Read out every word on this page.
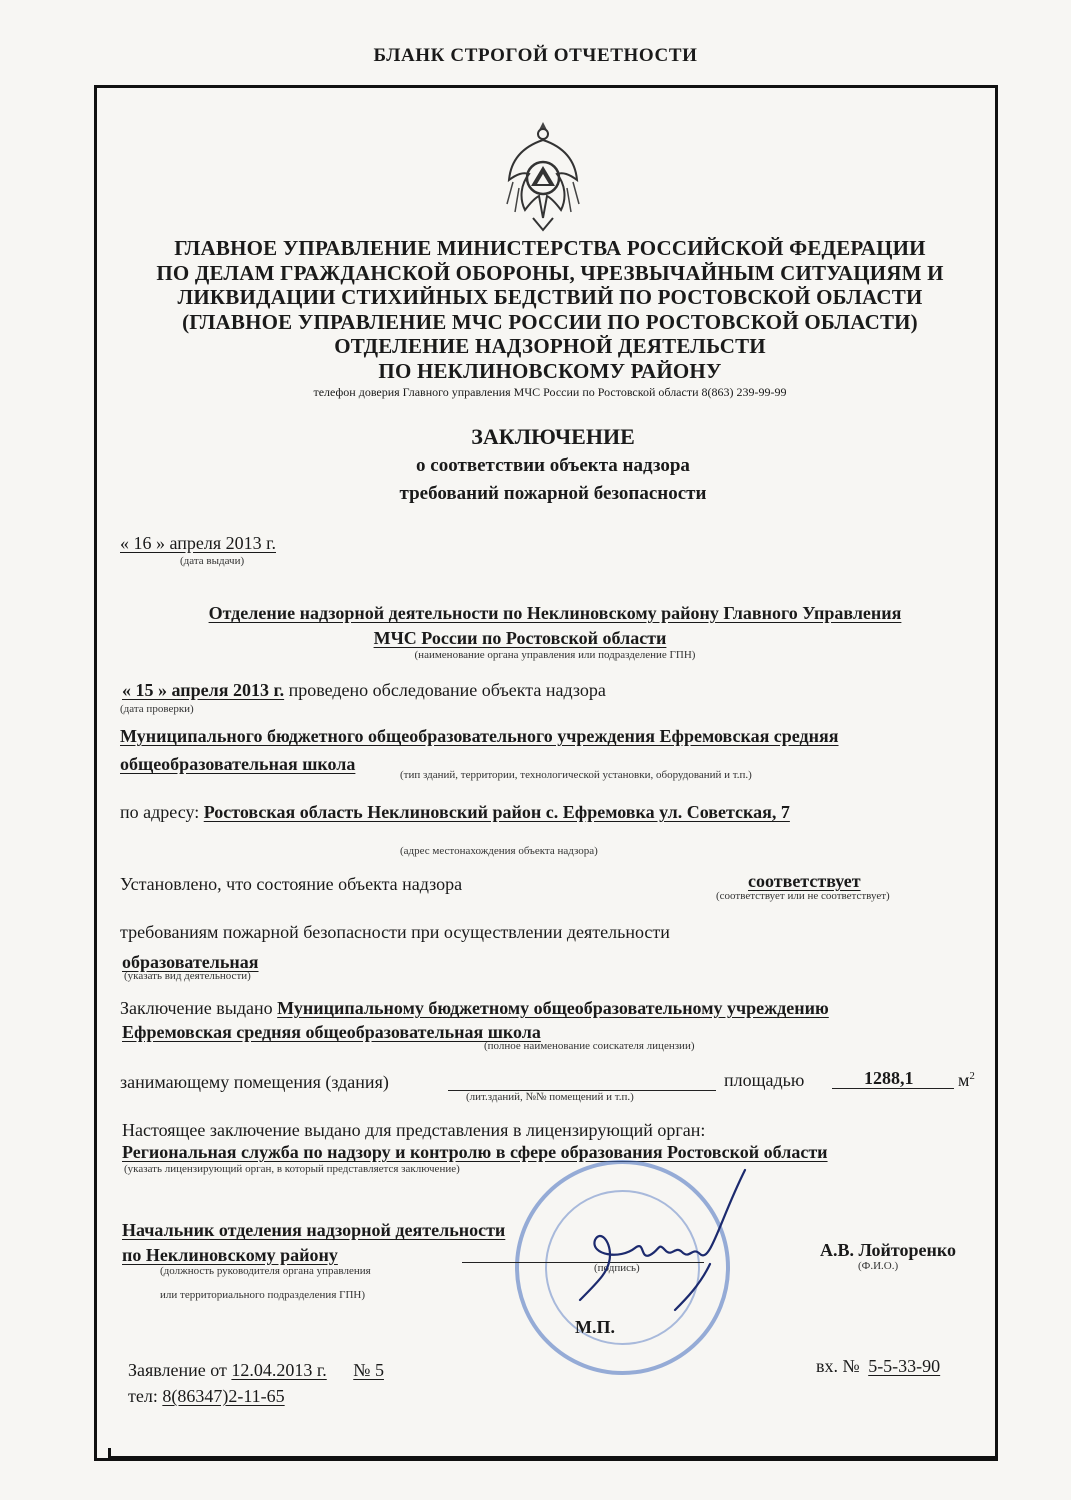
БЛАНК СТРОГОЙ ОТЧЕТНОСТИ
ГЛАВНОЕ УПРАВЛЕНИЕ МИНИСТЕРСТВА РОССИЙСКОЙ ФЕДЕРАЦИИ
ПО ДЕЛАМ ГРАЖДАНСКОЙ ОБОРОНЫ, ЧРЕЗВЫЧАЙНЫМ СИТУАЦИЯМ И
ЛИКВИДАЦИИ СТИХИЙНЫХ БЕДСТВИЙ ПО РОСТОВСКОЙ ОБЛАСТИ
(ГЛАВНОЕ УПРАВЛЕНИЕ МЧС РОССИИ ПО РОСТОВСКОЙ ОБЛАСТИ)
ОТДЕЛЕНИЕ НАДЗОРНОЙ ДЕЯТЕЛЬСТИ
ПО НЕКЛИНОВСКОМУ РАЙОНУ
телефон доверия Главного управления МЧС России по Ростовской области 8(863) 239-99-99
ЗАКЛЮЧЕНИЕ
о соответствии объекта надзора
требований пожарной безопасности
« 16 » апреля 2013 г.
(дата выдачи)
Отделение надзорной деятельности по Неклиновскому району Главного Управления
МЧС России по Ростовской области
(наименование органа управления или подразделение ГПН)
« 15 » апреля 2013 г. проведено обследование объекта надзора
(дата проверки)
Муниципального бюджетного общеобразовательного учреждения Ефремовская средняя
общеобразовательная школа
(тип зданий, территории, технологической установки, оборудований и т.п.)
по адресу: Ростовская область Неклиновский район с. Ефремовка ул. Советская, 7
(адрес местонахождения объекта надзора)
Установлено, что состояние объекта надзора	соответствует
(соответствует или не соответствует)
требованиям пожарной безопасности при осуществлении деятельности
образовательная
(указать вид деятельности)
Заключение выдано Муниципальному бюджетному общеобразовательному учреждению
Ефремовская средняя общеобразовательная школа
(полное наименование соискателя лицензии)
занимающему помещения (здания)
(лит.зданий, №№ помещений и т.п.)
площадью	1288,1 $м^2$
Настоящее заключение выдано для представления в лицензирующий орган:
Региональная служба по надзору и контролю в сфере образования Ростовской области
(указать лицензирующий орган, в который представляется заключение)
Начальник отделения надзорной деятельности
по Неклиновскому району
(должность руководителя органа управления
или территориального подразделения ГПН)
(подпись)
А.В. Лойторенко
(Ф.И.О.)
М.П.
Заявление от 12.04.2013 г. № 5
тел: 8(86347)2-11-65
вх. № 5-5-33-90
